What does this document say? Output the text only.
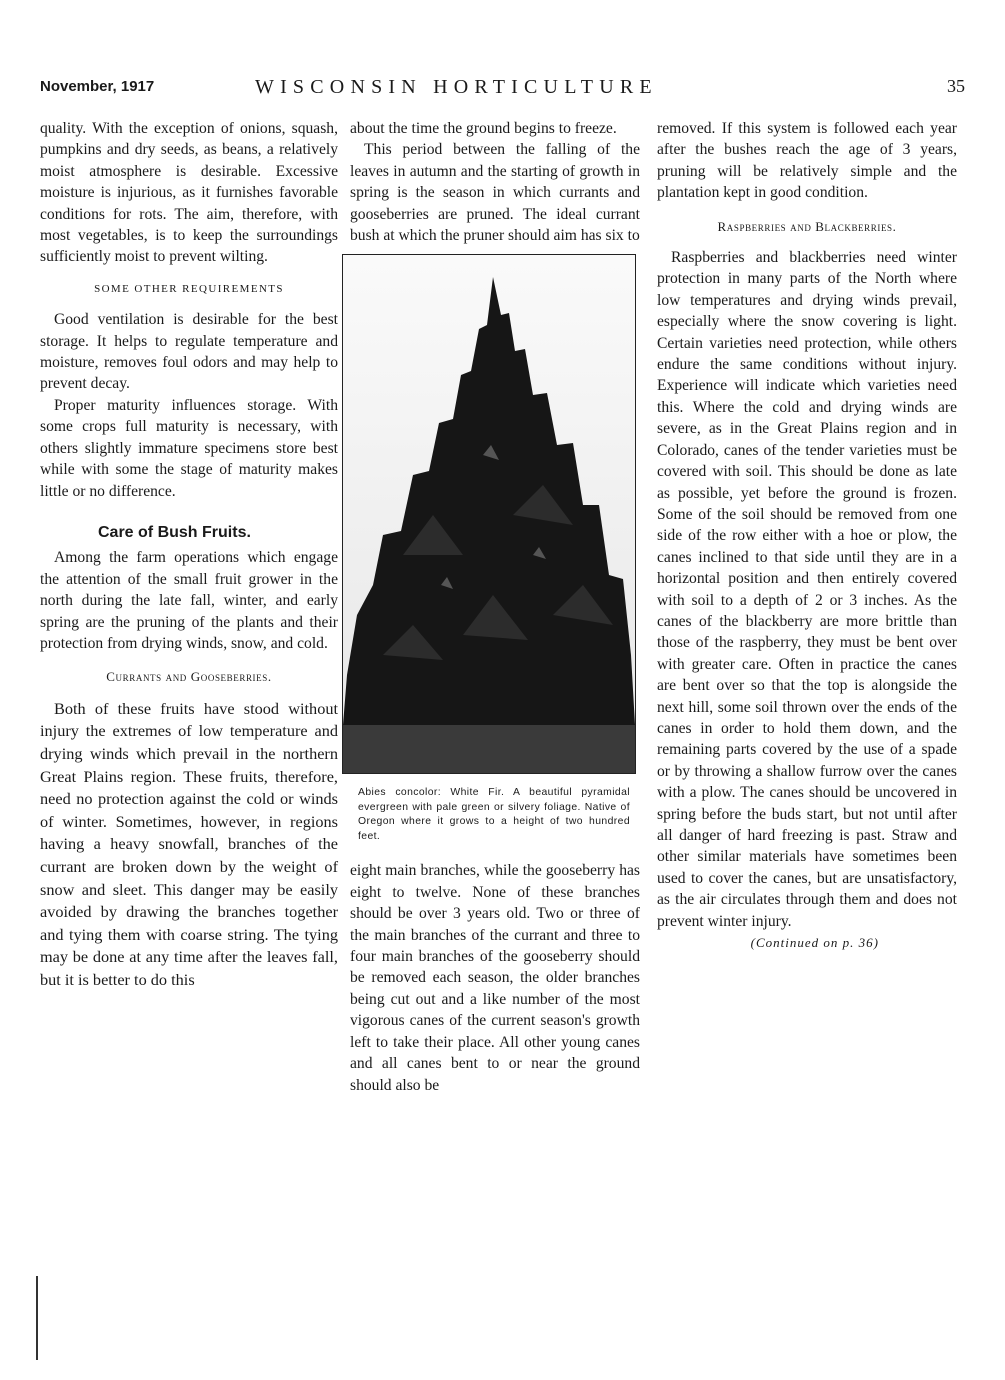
November, 1917	WISCONSIN HORTICULTURE	35

quality. With the exception of onions, squash, pumpkins and dry seeds, as beans, a relatively moist atmosphere is desirable. Excessive moisture is injurious, as it furnishes favorable conditions for rots. The aim, therefore, with most vegetables, is to keep the surroundings sufficiently moist to prevent wilting.

SOME OTHER REQUIREMENTS

Good ventilation is desirable for the best storage. It helps to regulate temperature and moisture, removes foul odors and may help to prevent decay.

Proper maturity influences storage. With some crops full maturity is necessary, with others slightly immature specimens store best while with some the stage of maturity makes little or no difference.

Care of Bush Fruits.

Among the farm operations which engage the attention of the small fruit grower in the north during the late fall, winter, and early spring are the pruning of the plants and their protection from drying winds, snow, and cold.

Currants and Gooseberries.

Both of these fruits have stood without injury the extremes of low temperature and drying winds which prevail in the northern Great Plains region. These fruits, therefore, need no protection against the cold or winds of winter. Sometimes, however, in regions having a heavy snowfall, branches of the currant are broken down by the weight of snow and sleet. This danger may be easily avoided by drawing the branches together and tying them with coarse string. The tying may be done at any time after the leaves fall, but it is better to do this

about the time the ground begins to freeze.

This period between the falling of the leaves in autumn and the starting of growth in spring is the season in which currants and gooseberries are pruned. The ideal currant bush at which the pruner should aim has six to

Abies concolor: White Fir. A beautiful pyramidal evergreen with pale green or silvery foliage. Native of Oregon where it grows to a height of two hundred feet.

eight main branches, while the gooseberry has eight to twelve. None of these branches should be over 3 years old. Two or three of the main branches of the currant and three to four main branches of the gooseberry should be removed each season, the older branches being cut out and a like number of the most vigorous canes of the current season's growth left to take their place. All other young canes and all canes bent to or near the ground should also be

removed. If this system is followed each year after the bushes reach the age of 3 years, pruning will be relatively simple and the plantation kept in good condition.

Raspberries and Blackberries.

Raspberries and blackberries need winter protection in many parts of the North where low temperatures and drying winds prevail, especially where the snow covering is light. Certain varieties need protection, while others endure the same conditions without injury. Experience will indicate which varieties need this. Where the cold and drying winds are severe, as in the Great Plains region and in Colorado, canes of the tender varieties must be covered with soil. This should be done as late as possible, yet before the ground is frozen. Some of the soil should be removed from one side of the row either with a hoe or plow, the canes inclined to that side until they are in a horizontal position and then entirely covered with soil to a depth of 2 or 3 inches. As the canes of the blackberry are more brittle than those of the raspberry, they must be bent over with greater care. Often in practice the canes are bent over so that the top is alongside the next hill, some soil thrown over the ends of the canes in order to hold them down, and the remaining parts covered by the use of a spade or by throwing a shallow furrow over the canes with a plow. The canes should be uncovered in spring before the buds start, but not until after all danger of hard freezing is past. Straw and other similar materials have sometimes been used to cover the canes, but are unsatisfactory, as the air circulates through them and does not prevent winter injury.

(Continued on p. 36)
